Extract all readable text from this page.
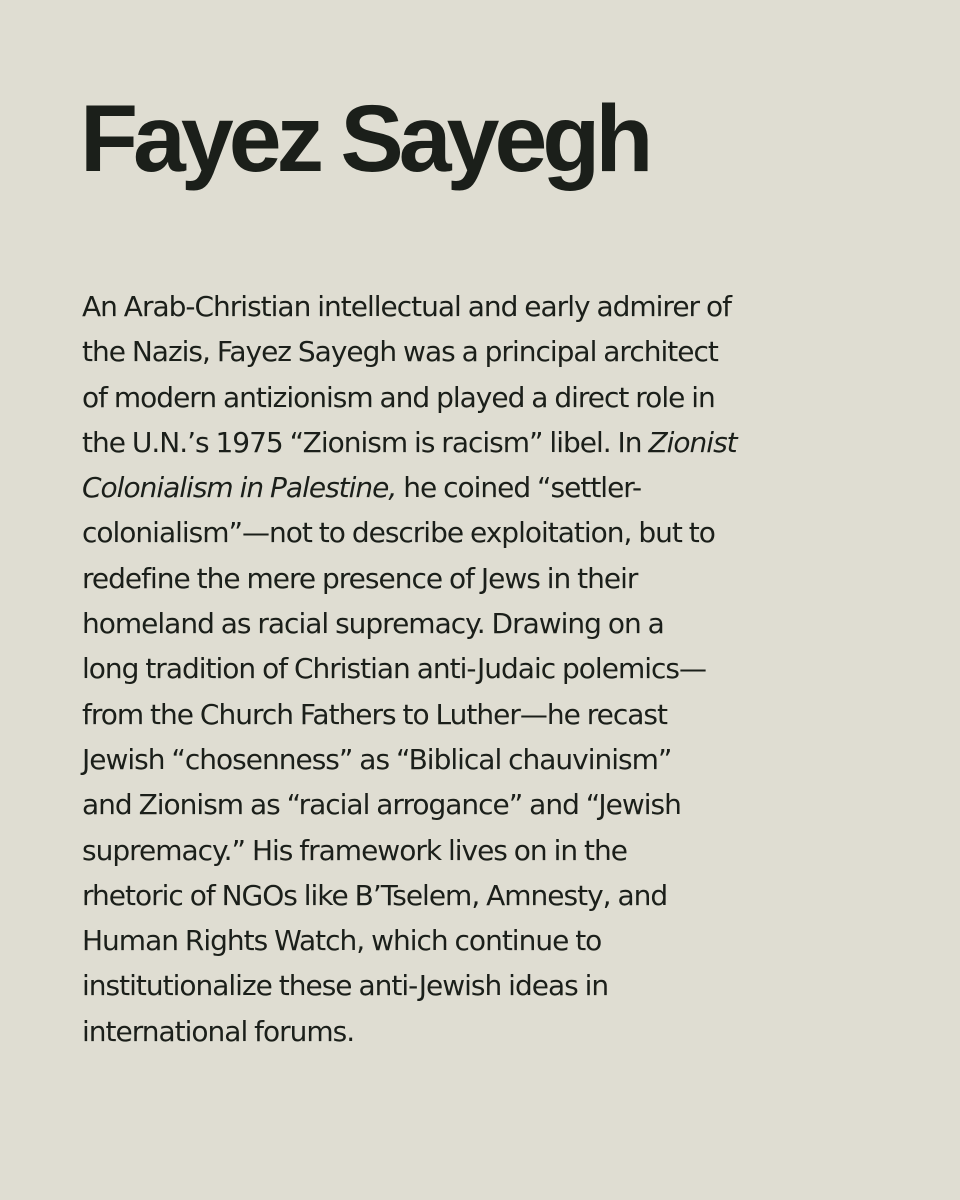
Fayez Sayegh

An Arab-Christian intellectual and early admirer of
the Nazis, Fayez Sayegh was a principal architect
of modern antizionism and played a direct role in
the U.N.’s 1975 “Zionism is racism” libel. In Zionist
Colonialism in Palestine, he coined “settler-
colonialism”—not to describe exploitation, but to
redefine the mere presence of Jews in their
homeland as racial supremacy. Drawing on a
long tradition of Christian anti-Judaic polemics—
from the Church Fathers to Luther—he recast
Jewish “chosenness” as “Biblical chauvinism”
and Zionism as “racial arrogance” and “Jewish
supremacy.” His framework lives on in the
rhetoric of NGOs like B’Tselem, Amnesty, and
Human Rights Watch, which continue to
institutionalize these anti-Jewish ideas in
international forums.
